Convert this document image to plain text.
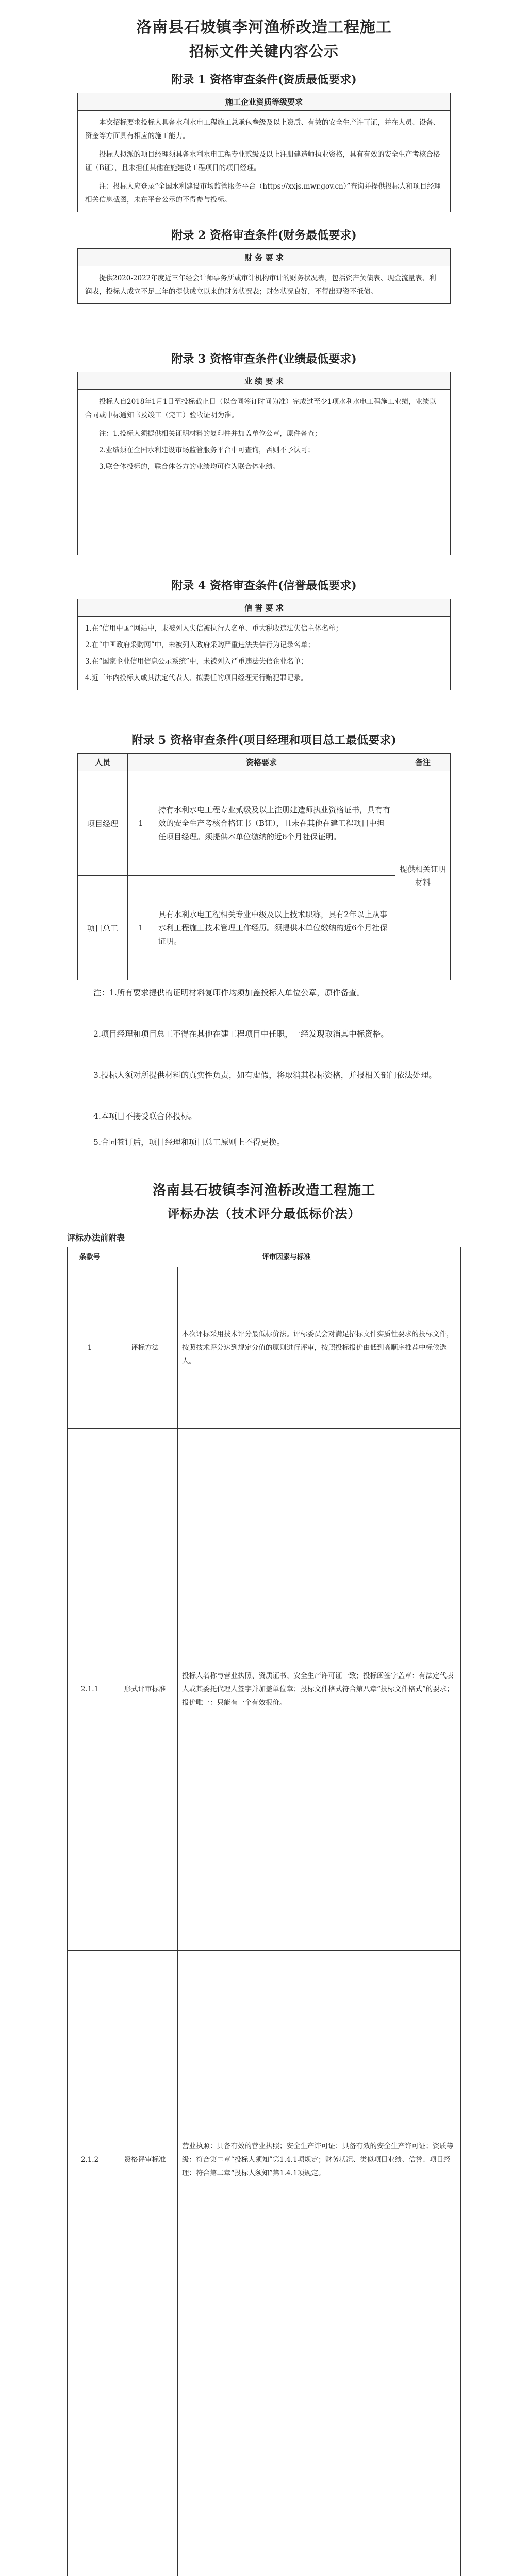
洛南县石坡镇李河渔桥改造工程施工
招标文件关键内容公示
附录 1 资格审查条件(资质最低要求)
施工企业资质等级要求

本次招标要求投标人具备水利水电工程施工总承包叁级及以上资质、有效的安全生产许可证，并在人员、设备、资金等方面具有相应的施工能力。

投标人拟派的项目经理须具备水利水电工程专业贰级及以上注册建造师执业资格，具有有效的安全生产考核合格证（B证），且未担任其他在施建设工程项目的项目经理。

注：投标人应登录“全国水利建设市场监管服务平台（https://xxjs.mwr.gov.cn）”查询并提供投标人和项目经理相关信息截图，未在平台公示的不得参与投标。

附录 2 资格审查条件(财务最低要求)
财 务 要 求

提供2020-2022年度近三年经会计师事务所或审计机构审计的财务状况表，包括资产负债表、现金流量表、利润表，投标人成立不足三年的提供成立以来的财务状况表；财务状况良好，不得出现资不抵债。

附录 3 资格审查条件(业绩最低要求)
业 绩 要 求

投标人自2018年1月1日至投标截止日（以合同签订时间为准）完成过至少1项水利水电工程施工业绩，业绩以合同或中标通知书及竣工（完工）验收证明为准。

注：1.投标人须提供相关证明材料的复印件并加盖单位公章，原件备查；

2.业绩须在全国水利建设市场监管服务平台中可查询，否则不予认可；

3.联合体投标的，联合体各方的业绩均可作为联合体业绩。

附录 4 资格审查条件(信誉最低要求)
信 誉 要 求

1.在“信用中国”网站中，未被列入失信被执行人名单、重大税收违法失信主体名单；

2.在“中国政府采购网”中，未被列入政府采购严重违法失信行为记录名单；

3.在“国家企业信用信息公示系统”中，未被列入严重违法失信企业名单；

4.近三年内投标人或其法定代表人、拟委任的项目经理无行贿犯罪记录。

附录 5 资格审查条件(项目经理和项目总工最低要求)
人员	资格要求		备注
项目经理	1	持有水利水电工程专业贰级及以上注册建造师执业资格证书，具有有效的安全生产考核合格证书（B证），且未在其他在建工程项目中担任项目经理。须提供本单位缴纳的近6个月社保证明。	提供相关证明材料
项目总工	1	具有水利水电工程相关专业中级及以上技术职称，具有2年以上从事水利工程施工技术管理工作经历。须提供本单位缴纳的近6个月社保证明。	
注：1.所有要求提供的证明材料复印件均须加盖投标人单位公章，原件备查。
2.项目经理和项目总工不得在其他在建工程项目中任职，一经发现取消其中标资格。
3.投标人须对所提供材料的真实性负责，如有虚假，将取消其投标资格，并报相关部门依法处理。
4.本项目不接受联合体投标。
5.合同签订后，项目经理和项目总工原则上不得更换。
洛南县石坡镇李河渔桥改造工程施工
评标办法（技术评分最低标价法）
评标办法前附表
条款号	评审因素与标准	
1	评标方法	本次评标采用技术评分最低标价法。评标委员会对满足招标文件实质性要求的投标文件，按照技术评分达到规定分值的原则进行评审，按照投标报价由低到高顺序推荐中标候选人。
2.1.1	形式评审标准	投标人名称与营业执照、资质证书、安全生产许可证一致；投标函签字盖章：有法定代表人或其委托代理人签字并加盖单位章；投标文件格式符合第八章“投标文件格式”的要求；报价唯一：只能有一个有效报价。
2.1.2	资格评审标准	营业执照：具备有效的营业执照；安全生产许可证：具备有效的安全生产许可证；资质等级：符合第二章“投标人须知”第1.4.1项规定；财务状况、类似项目业绩、信誉、项目经理：符合第二章“投标人须知”第1.4.1项规定。
